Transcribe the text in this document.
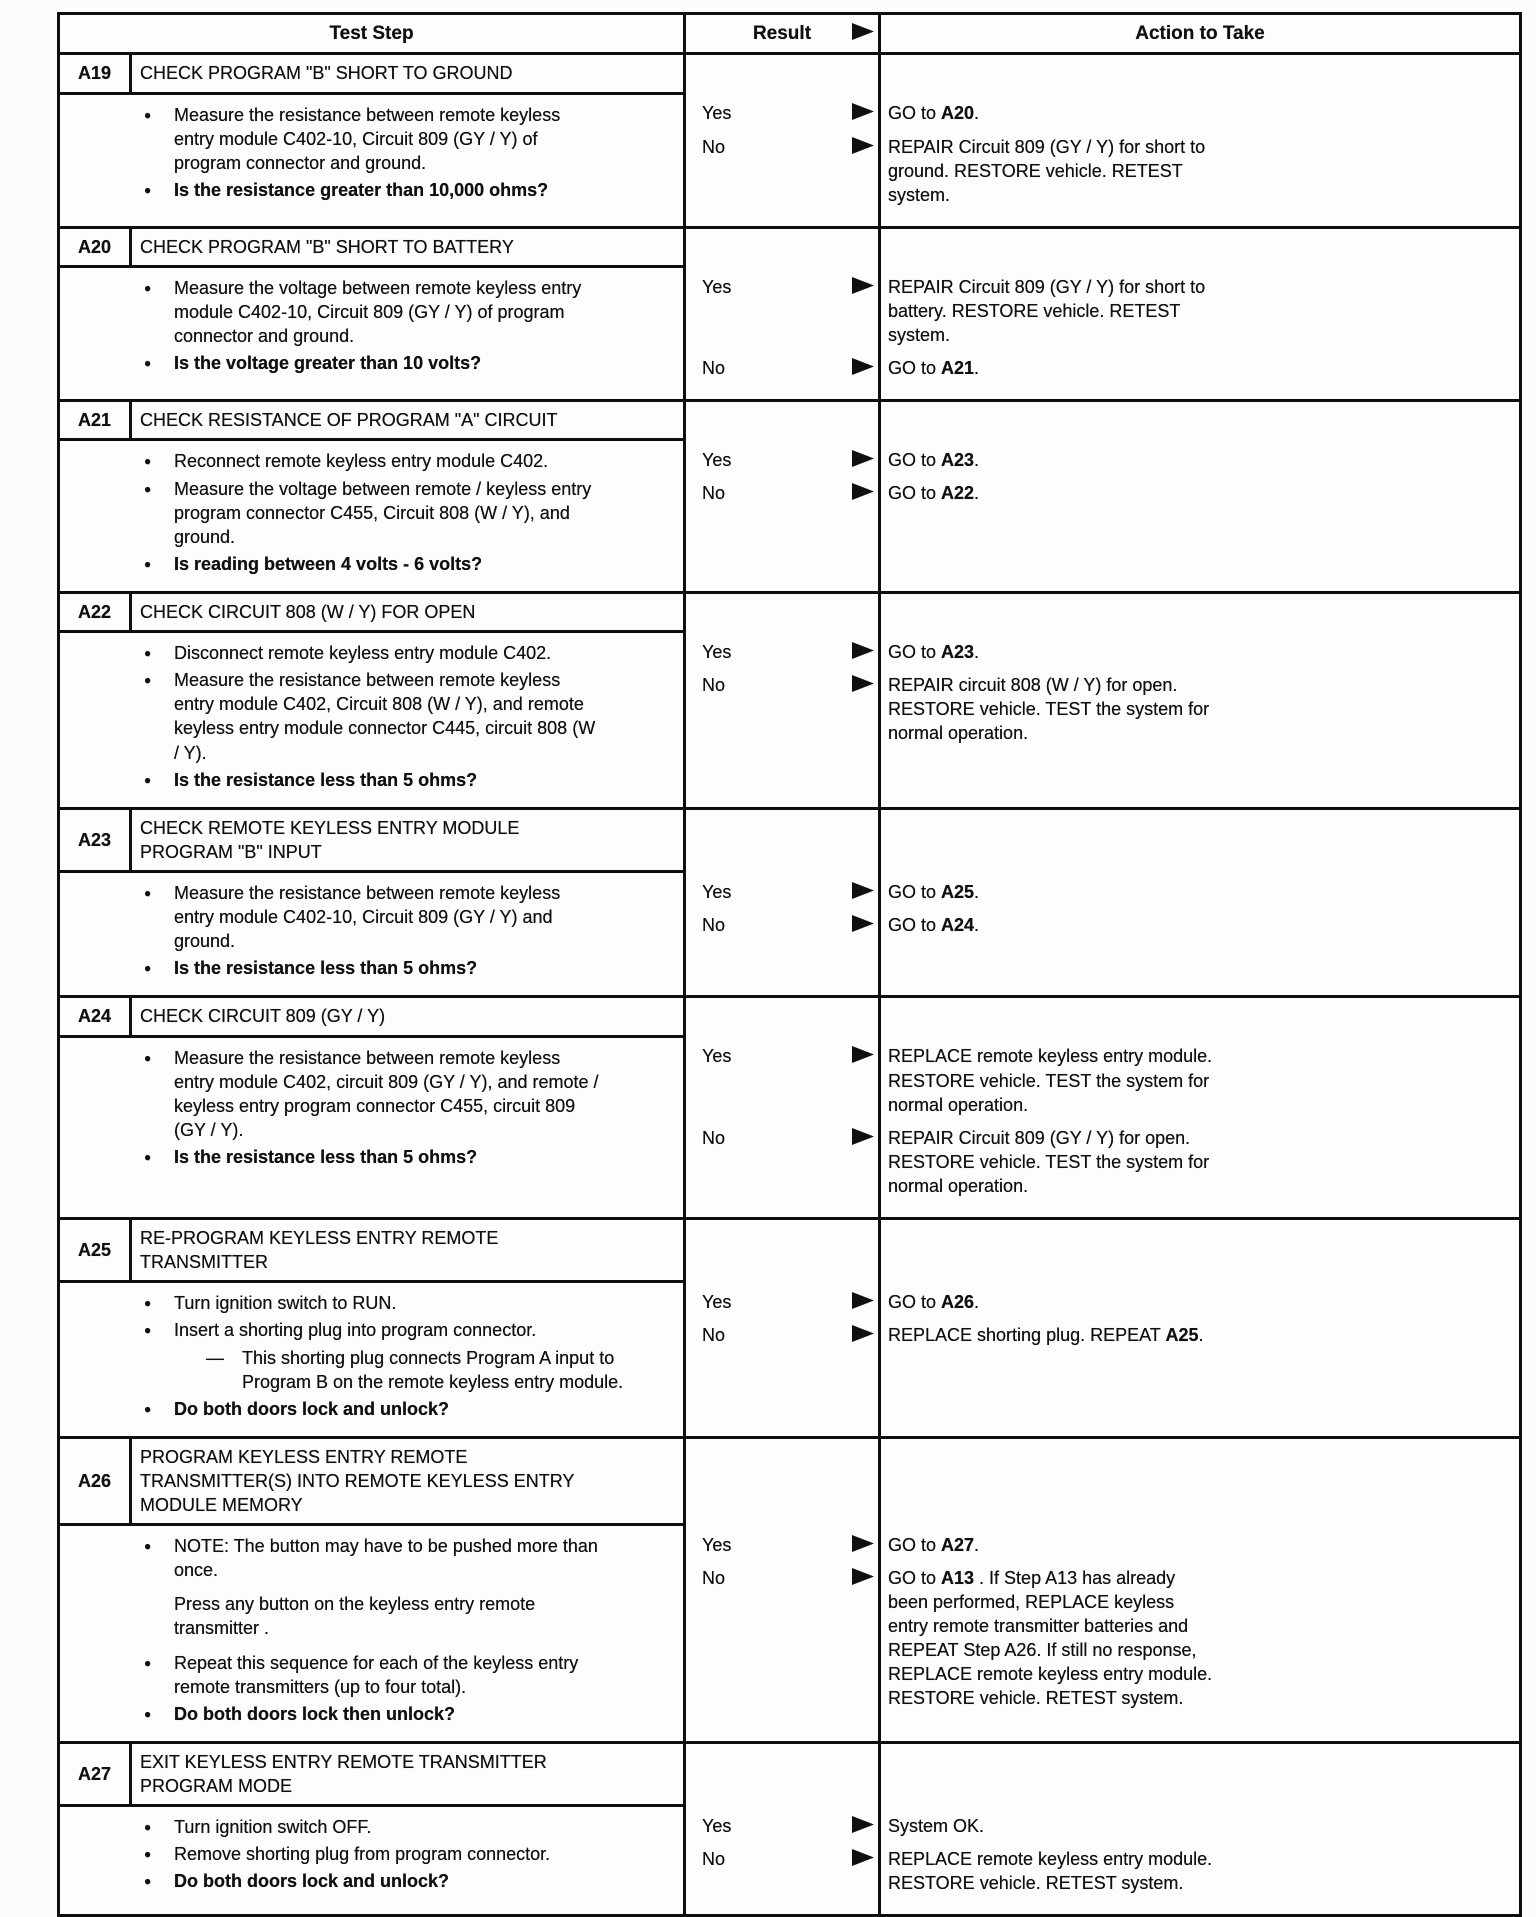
Test Step	Result	Action to Take
A19	CHECK PROGRAM "B" SHORT TO GROUND
●	Measure the resistance between remote keyless entry module C402-10, Circuit 809 (GY / Y) of program connector and ground.
●	Is the resistance greater than 10,000 ohms?
Yes	GO to A20.
No	REPAIR Circuit 809 (GY / Y) for short to ground. RESTORE vehicle. RETEST system.
A20	CHECK PROGRAM "B" SHORT TO BATTERY
●	Measure the voltage between remote keyless entry module C402-10, Circuit 809 (GY / Y) of program connector and ground.
●	Is the voltage greater than 10 volts?
Yes	REPAIR Circuit 809 (GY / Y) for short to battery. RESTORE vehicle. RETEST system.
No	GO to A21.
A21	CHECK RESISTANCE OF PROGRAM "A" CIRCUIT
●	Reconnect remote keyless entry module C402.
●	Measure the voltage between remote / keyless entry program connector C455, Circuit 808 (W / Y), and ground.
●	Is reading between 4 volts - 6 volts?
Yes	GO to A23.
No	GO to A22.
A22	CHECK CIRCUIT 808 (W / Y) FOR OPEN
●	Disconnect remote keyless entry module C402.
●	Measure the resistance between remote keyless entry module C402, Circuit 808 (W / Y), and remote keyless entry module connector C445, circuit 808 (W / Y).
●	Is the resistance less than 5 ohms?
Yes	GO to A23.
No	REPAIR circuit 808 (W / Y) for open. RESTORE vehicle. TEST the system for normal operation.
A23
CHECK REMOTE KEYLESS ENTRY MODULE PROGRAM "B" INPUT
●	Measure the resistance between remote keyless entry module C402-10, Circuit 809 (GY / Y) and ground.
●	Is the resistance less than 5 ohms?
Yes	GO to A25.
No	GO to A24.
A24	CHECK CIRCUIT 809 (GY / Y)
●	Measure the resistance between remote keyless entry module C402, circuit 809 (GY / Y), and remote / keyless entry program connector C455, circuit 809 (GY / Y).
●	Is the resistance less than 5 ohms?
Yes	REPLACE remote keyless entry module. RESTORE vehicle. TEST the system for normal operation.
No	REPAIR Circuit 809 (GY / Y) for open. RESTORE vehicle. TEST the system for normal operation.
A25
RE-PROGRAM KEYLESS ENTRY REMOTE TRANSMITTER
●	Turn ignition switch to RUN.
●	Insert a shorting plug into program connector.
—	This shorting plug connects Program A input to Program B on the remote keyless entry module.
●	Do both doors lock and unlock?
Yes	GO to A26.
No	REPLACE shorting plug. REPEAT A25.
A26
PROGRAM KEYLESS ENTRY REMOTE TRANSMITTER(S) INTO REMOTE KEYLESS ENTRY MODULE MEMORY
●	NOTE: The button may have to be pushed more than once.
Press any button on the keyless entry remote transmitter .
●	Repeat this sequence for each of the keyless entry remote transmitters (up to four total).
●	Do both doors lock then unlock?
Yes	GO to A27.
No	GO to A13 . If Step A13 has already been performed, REPLACE keyless entry remote transmitter batteries and REPEAT Step A26. If still no response, REPLACE remote keyless entry module. RESTORE vehicle. RETEST system.
A27
EXIT KEYLESS ENTRY REMOTE TRANSMITTER PROGRAM MODE
●	Turn ignition switch OFF.
●	Remove shorting plug from program connector.
●	Do both doors lock and unlock?
Yes	System OK.
No	REPLACE remote keyless entry module. RESTORE vehicle. RETEST system.
